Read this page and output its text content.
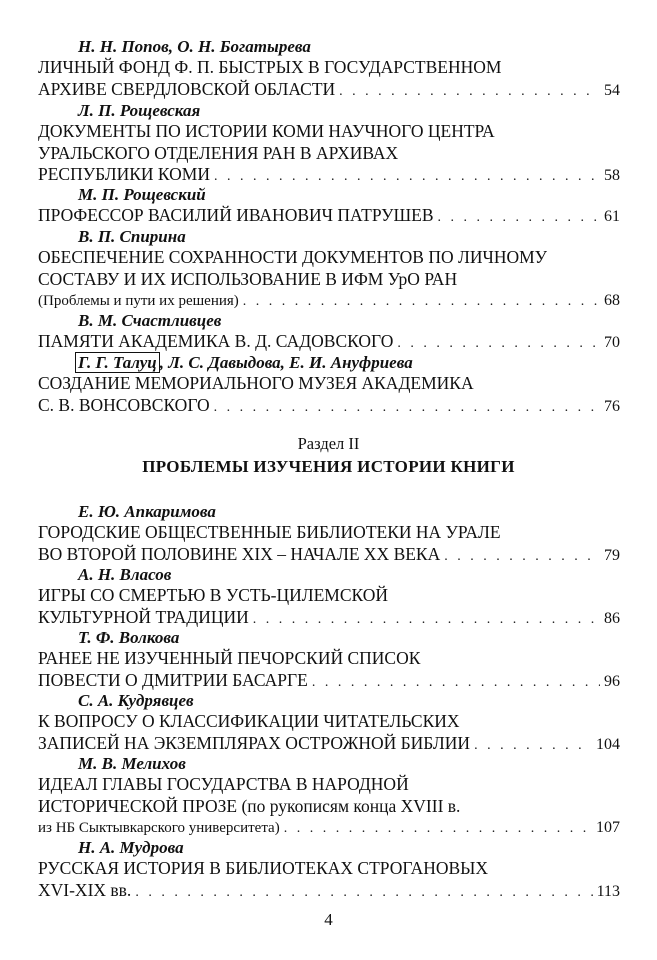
Н. Н. Попов, О. Н. Богатырева
ЛИЧНЫЙ ФОНД Ф. П. БЫСТРЫХ В ГОСУДАРСТВЕННОМ
АРХИВЕ СВЕРДЛОВСКОЙ ОБЛАСТИ . . .	54
Л. П. Рощевская
ДОКУМЕНТЫ ПО ИСТОРИИ КОМИ НАУЧНОГО ЦЕНТРА
УРАЛЬСКОГО ОТДЕЛЕНИЯ РАН В АРХИВАХ
РЕСПУБЛИКИ КОМИ . . .	58
М. П. Рощевский
ПРОФЕССОР ВАСИЛИЙ ИВАНОВИЧ ПАТРУШЕВ . . .	61
В. П. Спирина
ОБЕСПЕЧЕНИЕ СОХРАННОСТИ ДОКУМЕНТОВ ПО ЛИЧНОМУ
СОСТАВУ И ИХ ИСПОЛЬЗОВАНИЕ В ИФМ УрО РАН
(Проблемы и пути их решения) . . .	68
В. М. Счастливцев
ПАМЯТИ АКАДЕМИКА В. Д. САДОВСКОГО . . .	70
Г. Г. Талуц , Л. С. Давыдова, Е. И. Ануфриева
СОЗДАНИЕ МЕМОРИАЛЬНОГО МУЗЕЯ АКАДЕМИКА
С. В. ВОНСОВСКОГО . . .	76
Раздел II
ПРОБЛЕМЫ ИЗУЧЕНИЯ ИСТОРИИ КНИГИ
Е. Ю. Апкаримова
ГОРОДСКИЕ ОБЩЕСТВЕННЫЕ БИБЛИОТЕКИ НА УРАЛЕ
ВО ВТОРОЙ ПОЛОВИНЕ XIX – НАЧАЛЕ XX ВЕКА . . .	79
А. Н. Власов
ИГРЫ СО СМЕРТЬЮ В УСТЬ-ЦИЛЕМСКОЙ
КУЛЬТУРНОЙ ТРАДИЦИИ . . .	86
Т. Ф. Волкова
РАНЕЕ НЕ ИЗУЧЕННЫЙ ПЕЧОРСКИЙ СПИСОК
ПОВЕСТИ О ДМИТРИИ БАСАРГЕ . . .	96
С. А. Кудрявцев
К ВОПРОСУ О КЛАССИФИКАЦИИ ЧИТАТЕЛЬСКИХ
ЗАПИСЕЙ НА ЭКЗЕМПЛЯРАХ ОСТРОЖНОЙ БИБЛИИ . . .	104
М. В. Мелихов
ИДЕАЛ ГЛАВЫ ГОСУДАРСТВА В НАРОДНОЙ
ИСТОРИЧЕСКОЙ ПРОЗЕ (по рукописям конца XVIII в.
из НБ Сыктывкарского университета) . . .	107
Н. А. Мудрова
РУССКАЯ ИСТОРИЯ В БИБЛИОТЕКАХ СТРОГАНОВЫХ
XVI-XIX вв. . . .	113
4
